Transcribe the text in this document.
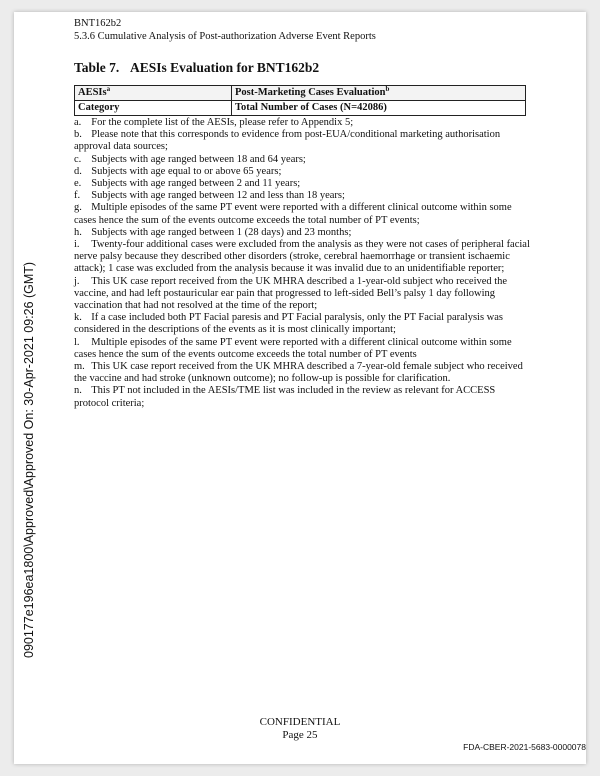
BNT162b2
5.3.6 Cumulative Analysis of Post-authorization Adverse Event Reports
Table 7. AESIs Evaluation for BNT162b2
AESIs$^a$	Post-Marketing Cases Evaluation$^b$
Category	Total Number of Cases (N=42086)
a. For the complete list of the AESIs, please refer to Appendix 5;
b. Please note that this corresponds to evidence from post-EUA/conditional marketing authorisation approval data sources;
c. Subjects with age ranged between 18 and 64 years;
d. Subjects with age equal to or above 65 years;
e. Subjects with age ranged between 2 and 11 years;
f. Subjects with age ranged between 12 and less than 18 years;
g. Multiple episodes of the same PT event were reported with a different clinical outcome within some cases hence the sum of the events outcome exceeds the total number of PT events;
h. Subjects with age ranged between 1 (28 days) and 23 months;
i. Twenty-four additional cases were excluded from the analysis as they were not cases of peripheral facial nerve palsy because they described other disorders (stroke, cerebral haemorrhage or transient ischaemic attack); 1 case was excluded from the analysis because it was invalid due to an unidentifiable reporter;
j. This UK case report received from the UK MHRA described a 1-year-old subject who received the vaccine, and had left postauricular ear pain that progressed to left-sided Bell’s palsy 1 day following vaccination that had not resolved at the time of the report;
k. If a case included both PT Facial paresis and PT Facial paralysis, only the PT Facial paralysis was considered in the descriptions of the events as it is most clinically important;
l. Multiple episodes of the same PT event were reported with a different clinical outcome within some cases hence the sum of the events outcome exceeds the total number of PT events
m. This UK case report received from the UK MHRA described a 7-year-old female subject who received the vaccine and had stroke (unknown outcome); no follow-up is possible for clarification.
n. This PT not included in the AESIs/TME list was included in the review as relevant for ACCESS protocol criteria;
090177e196ea1800\Approved\Approved On: 30-Apr-2021 09:26 (GMT)
CONFIDENTIAL
Page 25
FDA-CBER-2021-5683-0000078
